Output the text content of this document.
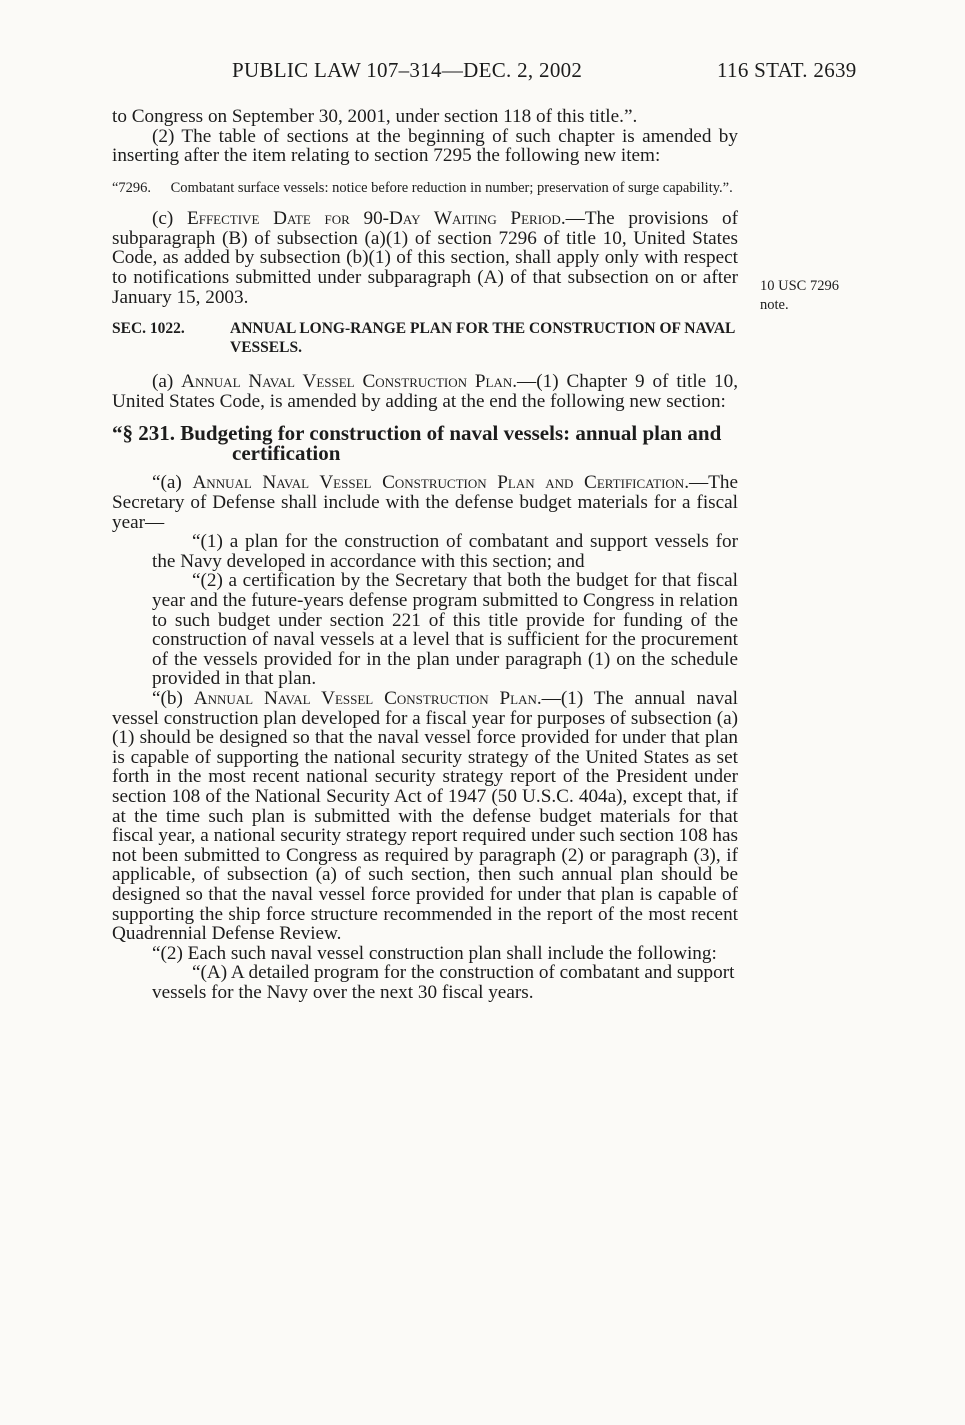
PUBLIC LAW 107–314—DEC. 2, 2002	116 STAT. 2639
10 USC 7296
note.

to Congress on September 30, 2001, under section 118 of this title.”.

(2) The table of sections at the beginning of such chapter is amended by inserting after the item relating to section 7295 the following new item:

“7296. Combatant surface vessels: notice before reduction in number; preservation of surge capability.”.

(c) Effective Date for 90-Day Waiting Period.—The provisions of subparagraph (B) of subsection (a)(1) of section 7296 of title 10, United States Code, as added by subsection (b)(1) of this section, shall apply only with respect to notifications submitted under subparagraph (A) of that subsection on or after January 15, 2003.

SEC. 1022.	ANNUAL LONG-RANGE PLAN FOR THE CONSTRUCTION OF NAVAL VESSELS.

(a) Annual Naval Vessel Construction Plan.—(1) Chapter 9 of title 10, United States Code, is amended by adding at the end the following new section:

“§ 231. Budgeting for construction of naval vessels: annual plan and certification

“(a) Annual Naval Vessel Construction Plan and Certification.—The Secretary of Defense shall include with the defense budget materials for a fiscal year—

“(1) a plan for the construction of combatant and support vessels for the Navy developed in accordance with this section; and

“(2) a certification by the Secretary that both the budget for that fiscal year and the future-years defense program submitted to Congress in relation to such budget under section 221 of this title provide for funding of the construction of naval vessels at a level that is sufficient for the procurement of the vessels provided for in the plan under paragraph (1) on the schedule provided in that plan.

“(b) Annual Naval Vessel Construction Plan.—(1) The annual naval vessel construction plan developed for a fiscal year for purposes of subsection (a)(1) should be designed so that the naval vessel force provided for under that plan is capable of supporting the national security strategy of the United States as set forth in the most recent national security strategy report of the President under section 108 of the National Security Act of 1947 (50 U.S.C. 404a), except that, if at the time such plan is submitted with the defense budget materials for that fiscal year, a national security strategy report required under such section 108 has not been submitted to Congress as required by paragraph (2) or paragraph (3), if applicable, of subsection (a) of such section, then such annual plan should be designed so that the naval vessel force provided for under that plan is capable of supporting the ship force structure recommended in the report of the most recent Quadrennial Defense Review.

“(2) Each such naval vessel construction plan shall include the following:

“(A) A detailed program for the construction of combatant and support vessels for the Navy over the next 30 fiscal years.
